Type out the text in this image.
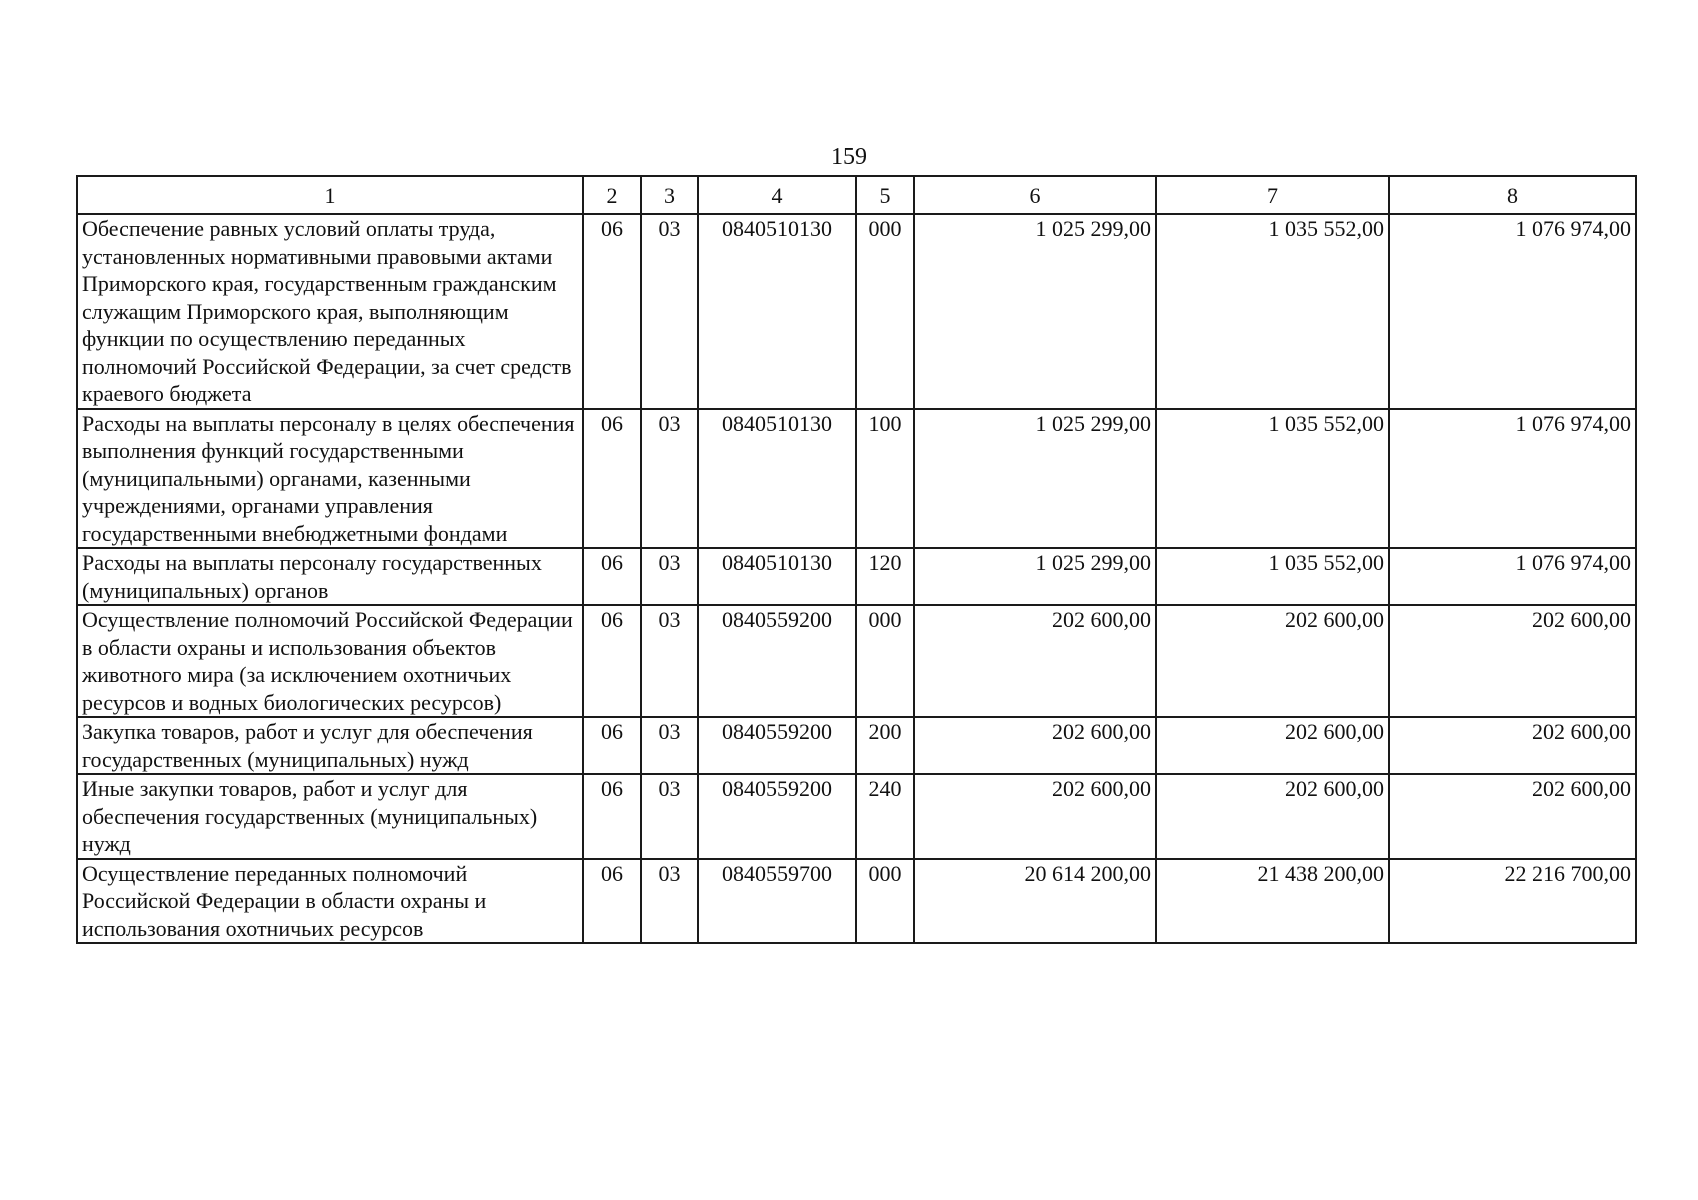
159
1	2	3	4	5	6	7	8
Обеспечение равных условий оплаты труда, установленных нормативными правовыми актами Приморского края, государственным гражданским служащим Приморского края, выполняющим функции по осуществлению переданных полномочий Российской Федерации, за счет средств краевого бюджета	06	03	0840510130	000	1 025 299,00	1 035 552,00	1 076 974,00
Расходы на выплаты персоналу в целях обеспечения выполнения функций государственными (муниципальными) органами, казенными учреждениями, органами управления государственными внебюджетными фондами	06	03	0840510130	100	1 025 299,00	1 035 552,00	1 076 974,00
Расходы на выплаты персоналу государственных (муниципальных) органов	06	03	0840510130	120	1 025 299,00	1 035 552,00	1 076 974,00
Осуществление полномочий Российской Федерации в области охраны и использования объектов животного мира (за исключением охотничьих ресурсов и водных биологических ресурсов)	06	03	0840559200	000	202 600,00	202 600,00	202 600,00
Закупка товаров, работ и услуг для обеспечения государственных (муниципальных) нужд	06	03	0840559200	200	202 600,00	202 600,00	202 600,00
Иные закупки товаров, работ и услуг для обеспечения государственных (муниципальных) нужд	06	03	0840559200	240	202 600,00	202 600,00	202 600,00
Осуществление переданных полномочий Российской Федерации в области охраны и использования охотничьих ресурсов	06	03	0840559700	000	20 614 200,00	21 438 200,00	22 216 700,00
